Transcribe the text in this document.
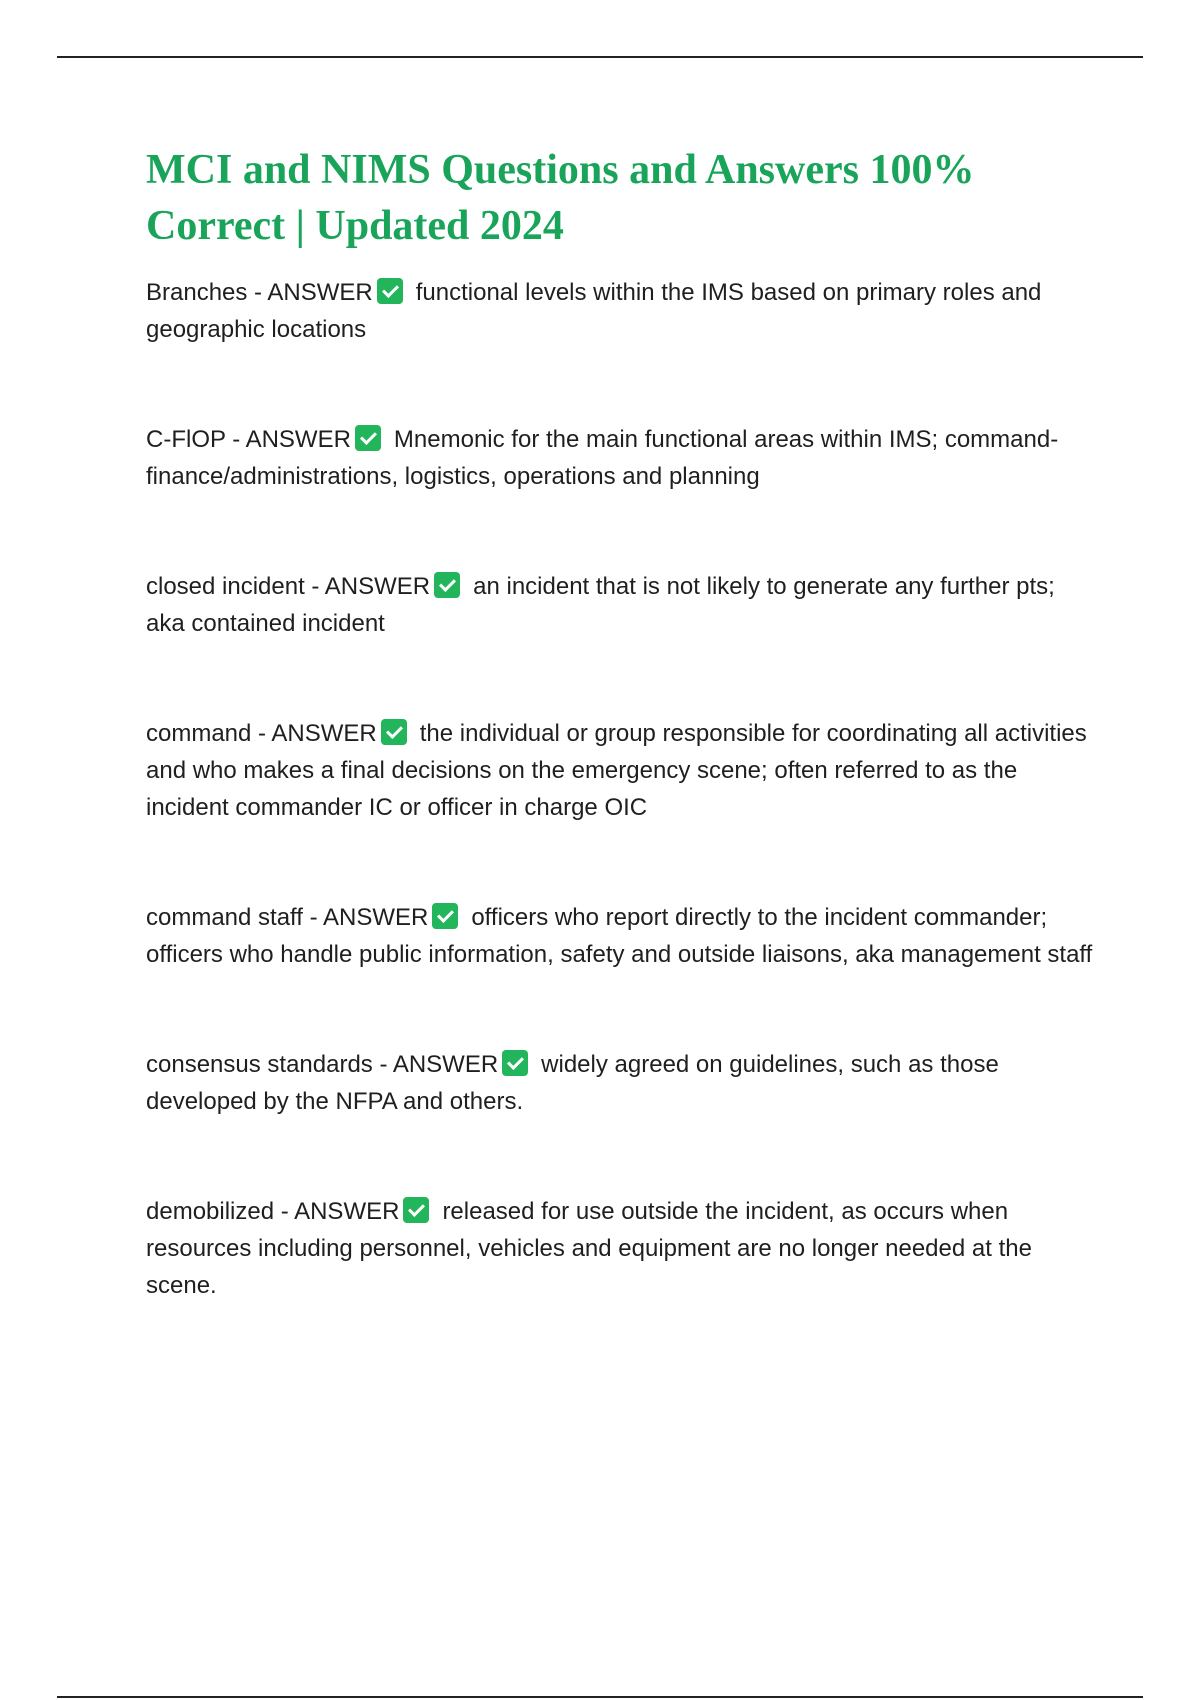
MCI and NIMS Questions and Answers 100% Correct | Updated 2024
Branches - ANSWER functional levels within the IMS based on primary roles and geographic locations
C-FlOP - ANSWER Mnemonic for the main functional areas within IMS; command-finance/administrations, logistics, operations and planning
closed incident - ANSWER an incident that is not likely to generate any further pts; aka contained incident
command - ANSWER the individual or group responsible for coordinating all activities and who makes a final decisions on the emergency scene; often referred to as the incident commander IC or officer in charge OIC
command staff - ANSWER officers who report directly to the incident commander; officers who handle public information, safety and outside liaisons, aka management staff
consensus standards - ANSWER widely agreed on guidelines, such as those developed by the NFPA and others.
demobilized - ANSWER released for use outside the incident, as occurs when resources including personnel, vehicles and equipment are no longer needed at the scene.
